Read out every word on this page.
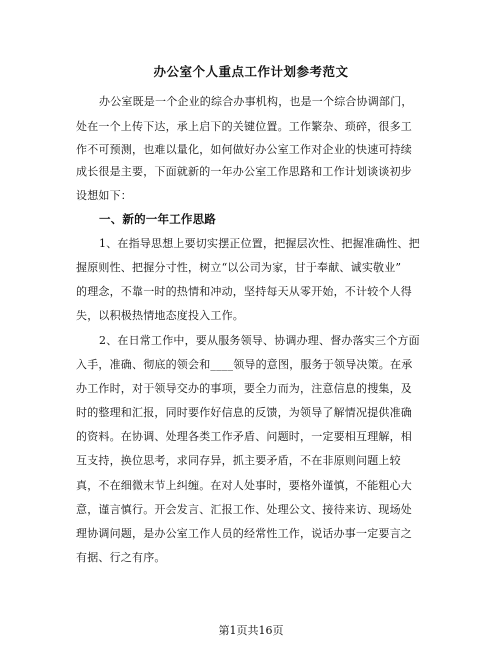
办公室个人重点工作计划参考范文
办公室既是一个企业的综合办事机构，也是一个综合协调部门，
处在一个上传下达，承上启下的关键位置。工作繁杂、琐碎，很多工
作不可预测，也难以量化，如何做好办公室工作对企业的快速可持续
成长很是主要，下面就新的一年办公室工作思路和工作计划谈谈初步
设想如下：
一、新的一年工作思路
1、在指导思想上要切实摆正位置，把握层次性、把握准确性、把
握原则性、把握分寸性，树立“以公司为家，甘于奉献、诚实敬业”
的理念，不靠一时的热情和冲动，坚持每天从零开始，不计较个人得
失，以积极热情地态度投入工作。
2、在日常工作中，要从服务领导、协调办理、督办落实三个方面
入手，准确、彻底的领会和____领导的意图，服务于领导决策。在承
办工作时，对于领导交办的事项，要全力而为，注意信息的搜集，及
时的整理和汇报，同时要作好信息的反馈，为领导了解情况提供准确
的资料。在协调、处理各类工作矛盾、问题时，一定要相互理解，相
互支持，换位思考，求同存异，抓主要矛盾，不在非原则问题上较
真，不在细微末节上纠缠。在对人处事时，要格外谨慎，不能粗心大
意，谨言慎行。开会发言、汇报工作、处理公文、接待来访、现场处
理协调问题，是办公室工作人员的经常性工作，说话办事一定要言之
有据、行之有序。
第1页共16页
